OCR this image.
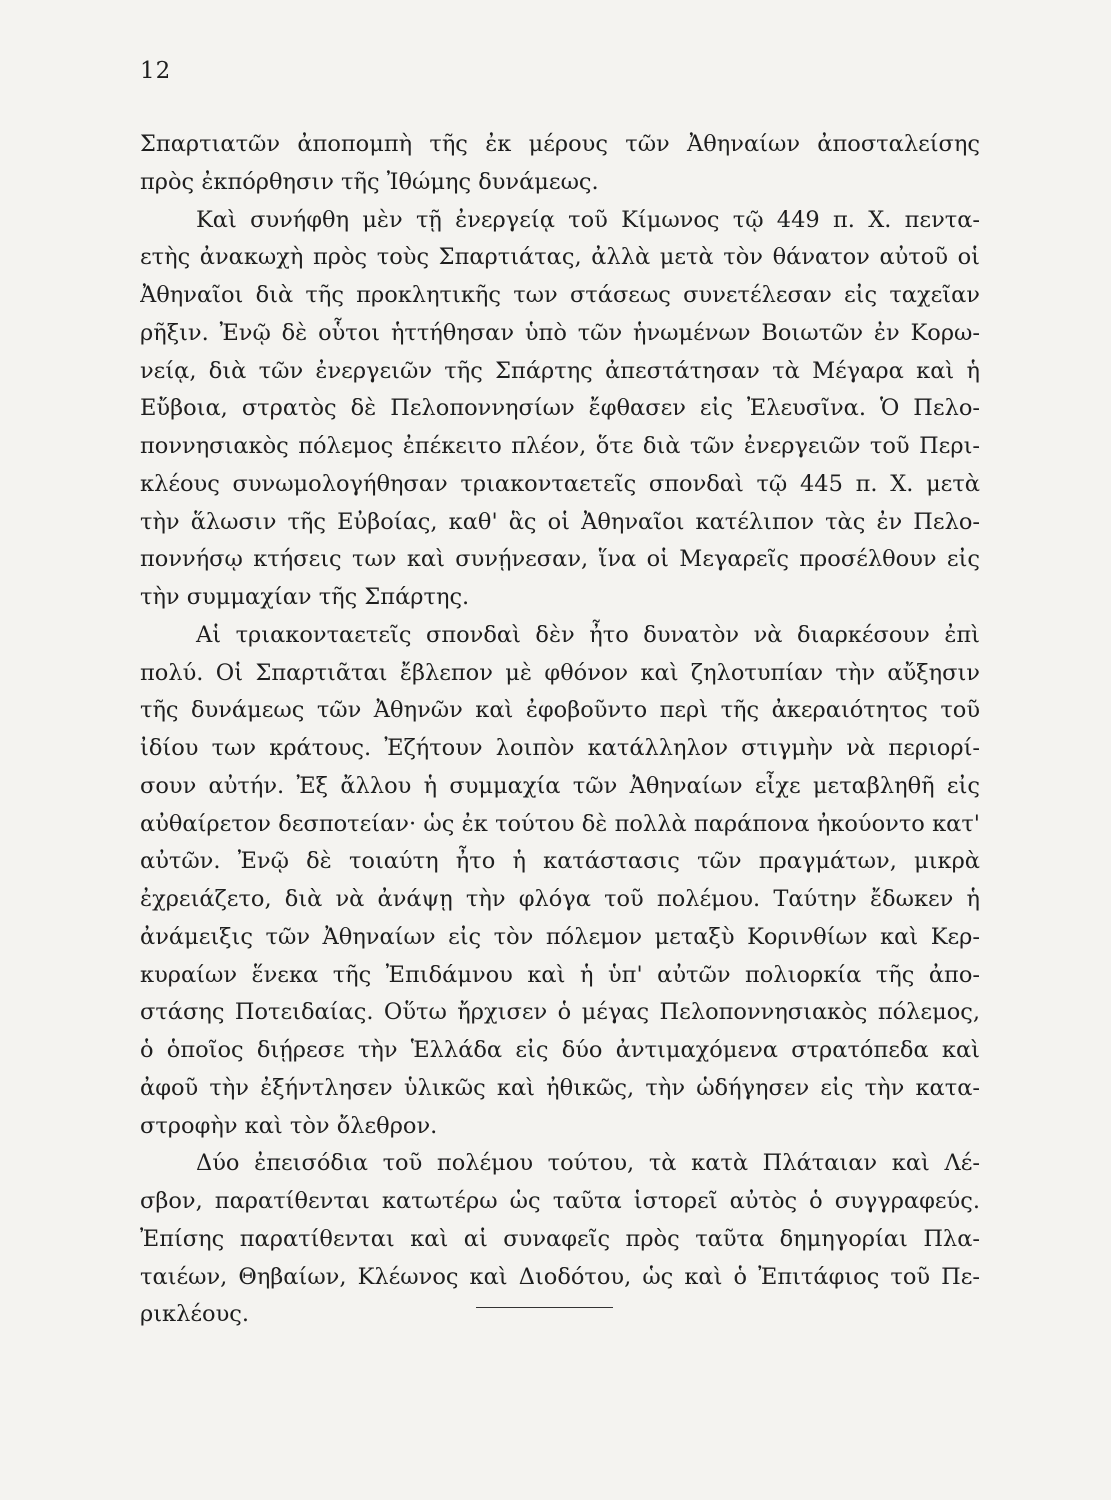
12
Σπαρτιατῶν ἀποπομπὴ τῆς ἐκ μέρους τῶν Ἀθηναίων ἀποσταλείσης
πρὸς ἐκπόρθησιν τῆς Ἰθώμης δυνάμεως.
Καὶ συνήφθη μὲν τῇ ἐνεργείᾳ τοῦ Κίμωνος τῷ 449 π. Χ. πεντα-
ετὴς ἀνακωχὴ πρὸς τοὺς Σπαρτιάτας, ἀλλὰ μετὰ τὸν θάνατον αὐτοῦ οἱ
Ἀθηναῖοι διὰ τῆς προκλητικῆς των στάσεως συνετέλεσαν εἰς ταχεῖαν
ρῆξιν. Ἐνῷ δὲ οὗτοι ἡττήθησαν ὑπὸ τῶν ἡνωμένων Βοιωτῶν ἐν Κορω-
νείᾳ, διὰ τῶν ἐνεργειῶν τῆς Σπάρτης ἀπεστάτησαν τὰ Μέγαρα καὶ ἡ
Εὔβοια, στρατὸς δὲ Πελοποννησίων ἔφθασεν εἰς Ἐλευσῖνα. Ὁ Πελο-
ποννησιακὸς πόλεμος ἐπέκειτο πλέον, ὅτε διὰ τῶν ἐνεργειῶν τοῦ Περι-
κλέους συνωμολογήθησαν τριακονταετεῖς σπονδαὶ τῷ 445 π. Χ. μετὰ
τὴν ἅλωσιν τῆς Εὐβοίας, καθ' ἃς οἱ Ἀθηναῖοι κατέλιπον τὰς ἐν Πελο-
ποννήσῳ κτήσεις των καὶ συνῄνεσαν, ἵνα οἱ Μεγαρεῖς προσέλθουν εἰς
τὴν συμμαχίαν τῆς Σπάρτης.
Αἱ τριακονταετεῖς σπονδαὶ δὲν ἦτο δυνατὸν νὰ διαρκέσουν ἐπὶ
πολύ. Οἱ Σπαρτιᾶται ἔβλεπον μὲ φθόνον καὶ ζηλοτυπίαν τὴν αὔξησιν
τῆς δυνάμεως τῶν Ἀθηνῶν καὶ ἐφοβοῦντο περὶ τῆς ἀκεραιότητος τοῦ
ἰδίου των κράτους. Ἐζήτουν λοιπὸν κατάλληλον στιγμὴν νὰ περιορί-
σουν αὐτήν. Ἐξ ἄλλου ἡ συμμαχία τῶν Ἀθηναίων εἶχε μεταβληθῆ εἰς
αὐθαίρετον δεσποτείαν· ὡς ἐκ τούτου δὲ πολλὰ παράπονα ἠκούοντο κατ'
αὐτῶν. Ἐνῷ δὲ τοιαύτη ἦτο ἡ κατάστασις τῶν πραγμάτων, μικρὰ
ἐχρειάζετο, διὰ νὰ ἀνάψῃ τὴν φλόγα τοῦ πολέμου. Ταύτην ἔδωκεν ἡ
ἀνάμειξις τῶν Ἀθηναίων εἰς τὸν πόλεμον μεταξὺ Κορινθίων καὶ Κερ-
κυραίων ἕνεκα τῆς Ἐπιδάμνου καὶ ἡ ὑπ' αὐτῶν πολιορκία τῆς ἀπο-
στάσης Ποτειδαίας. Οὕτω ἤρχισεν ὁ μέγας Πελοποννησιακὸς πόλεμος,
ὁ ὁποῖος διῄρεσε τὴν Ἑλλάδα εἰς δύο ἀντιμαχόμενα στρατόπεδα καὶ
ἀφοῦ τὴν ἐξήντλησεν ὑλικῶς καὶ ἠθικῶς, τὴν ὡδήγησεν εἰς τὴν κατα-
στροφὴν καὶ τὸν ὄλεθρον.
Δύο ἐπεισόδια τοῦ πολέμου τούτου, τὰ κατὰ Πλάταιαν καὶ Λέ-
σβον, παρατίθενται κατωτέρω ὡς ταῦτα ἱστορεῖ αὐτὸς ὁ συγγραφεύς.
Ἐπίσης παρατίθενται καὶ αἱ συναφεῖς πρὸς ταῦτα δημηγορίαι Πλα-
ταιέων, Θηβαίων, Κλέωνος καὶ Διοδότου, ὡς καὶ ὁ Ἐπιτάφιος τοῦ Πε-
ρικλέους.
